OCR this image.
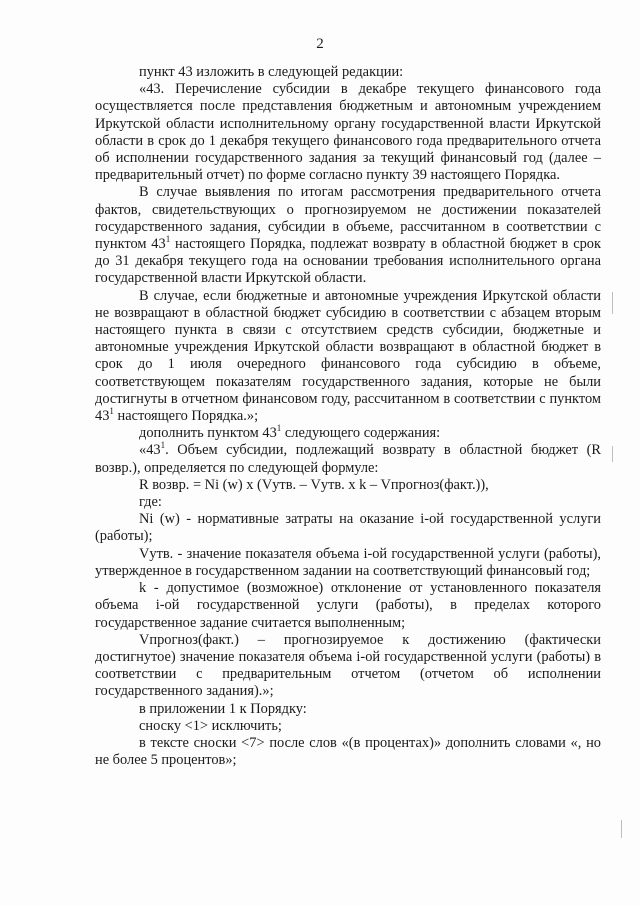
2

пункт 43 изложить в следующей редакции:

«43. Перечисление субсидии в декабре текущего финансового года осуществляется после представления бюджетным и автономным учреждением Иркутской области исполнительному органу государственной власти Иркутской области в срок до 1 декабря текущего финансового года предварительного отчета об исполнении государственного задания за текущий финансовый год (далее – предварительный отчет) по форме согласно пункту 39 настоящего Порядка.

В случае выявления по итогам рассмотрения предварительного отчета фактов, свидетельствующих о прогнозируемом не достижении показателей государственного задания, субсидии в объеме, рассчитанном в соответствии с пунктом $43^1$ настоящего Порядка, подлежат возврату в областной бюджет в срок до 31 декабря текущего года на основании требования исполнительного органа государственной власти Иркутской области.

В случае, если бюджетные и автономные учреждения Иркутской области не возвращают в областной бюджет субсидию в соответствии с абзацем вторым настоящего пункта в связи с отсутствием средств субсидии, бюджетные и автономные учреждения Иркутской области возвращают в областной бюджет в срок до 1 июля очередного финансового года субсидию в объеме, соответствующем показателям государственного задания, которые не были достигнуты в отчетном финансовом году, рассчитанном в соответствии с пунктом $43^1$ настоящего Порядка.»;

дополнить пунктом $43^1$ следующего содержания:

«$43^1$. Объем субсидии, подлежащий возврату в областной бюджет (R возвр.), определяется по следующей формуле:

R возвр. = Ni (w) х (Vутв. – Vутв. х k – Vпрогноз(факт.)),

где:

Ni (w) - нормативные затраты на оказание i-ой государственной услуги (работы);

Vутв. - значение показателя объема i-ой государственной услуги (работы), утвержденное в государственном задании на соответствующий финансовый год;

k - допустимое (возможное) отклонение от установленного показателя объема i-ой государственной услуги (работы), в пределах которого государственное задание считается выполненным;

Vпрогноз(факт.) – прогнозируемое к достижению (фактически достигнутое) значение показателя объема i-ой государственной услуги (работы) в соответствии с предварительным отчетом (отчетом об исполнении государственного задания).»;

в приложении 1 к Порядку:

сноску <1> исключить;

в тексте сноски <7> после слов «(в процентах)» дополнить словами «, но не более 5 процентов»;
